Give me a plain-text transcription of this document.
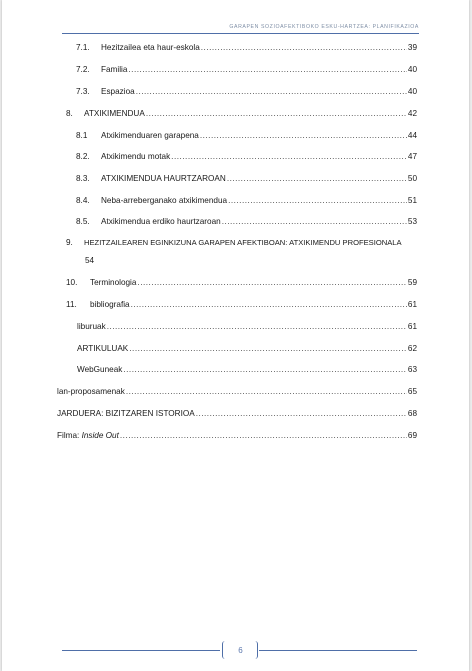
GARAPEN SOZIOAFEKTIBOKO ESKU-HARTZEA: PLANIFIKAZIOA
7.1.	Hezitzailea eta haur-eskola .....	39
7.2.	Familia .....	40
7.3.	Espazioa .....	40
8.	ATXIKIMENDUA .....	42
8.1	Atxikimenduaren garapena .....	44
8.2.	Atxikimendu motak .....	47
8.3.	ATXIKIMENDUA HAURTZAROAN .....	50
8.4.	Neba-arreberganako atxikimendua .....	51
8.5.	Atxikimendua erdiko haurtzaroan .....	53
9. HEZITZAILEAREN EGINKIZUNA GARAPEN AFEKTIBOAN: ATXIKIMENDU PROFESIONALA
54
10.	Terminologia .....	59
11.	bibliografia .....	61
liburuak .....	61
ARTIKULUAK .....	62
WebGuneak .....	63
lan-proposamenak .....	65
JARDUERA: BIZITZAREN ISTORIOA .....	68
Filma: Inside Out .....	69
6
